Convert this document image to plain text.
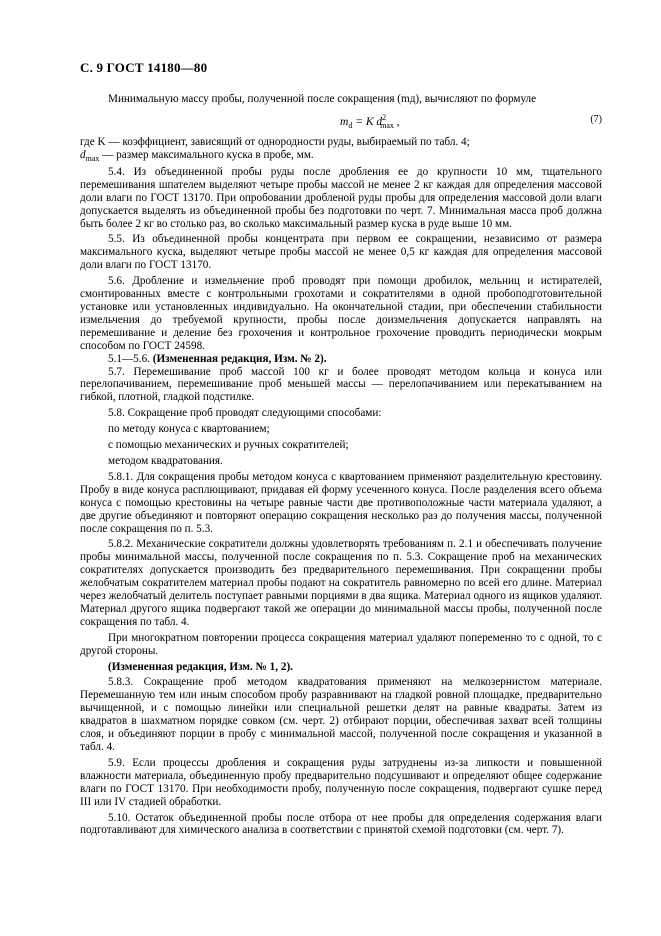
С. 9 ГОСТ 14180—80

Минимальную массу пробы, полученной после сокращения (mд), вычисляют по формуле

$m_d = K$ $d^2_{max}$ ,	(7)

где K — коэффициент, зависящий от однородности руды, выбираемый по табл. 4;

$d_{max}$ — размер максимального куска в пробе, мм.

5.4. Из объединенной пробы руды после дробления ее до крупности 10 мм, тщательного перемешивания шпателем выделяют четыре пробы массой не менее 2 кг каждая для определения массовой доли влаги по ГОСТ 13170. При опробовании дробленой руды пробы для определения массовой доли влаги допускается выделять из объединенной пробы без подготовки по черт. 7. Минимальная масса проб должна быть более 2 кг во столько раз, во сколько максимальный размер куска в руде выше 10 мм.

5.5. Из объединенной пробы концентрата при первом ее сокращении, независимо от размера максимального куска, выделяют четыре пробы массой не менее 0,5 кг каждая для определения массовой доли влаги по ГОСТ 13170.

5.6. Дробление и измельчение проб проводят при помощи дробилок, мельниц и истирателей, смонтированных вместе с контрольными грохотами и сократителями в одной пробоподготовительной установке или установленных индивидуально. На окончательной стадии, при обеспечении стабильности измельчения до требуемой крупности, пробы после доизмельчения допускается направлять на перемешивание и деление без грохочения и контрольное грохочение проводить периодически мокрым способом по ГОСТ 24598.

5.1—5.6. (Измененная редакция, Изм. № 2).

5.7. Перемешивание проб массой 100 кг и более проводят методом кольца и конуса или перелопачиванием, перемешивание проб меньшей массы — перелопачиванием или перекатыванием на гибкой, плотной, гладкой подстилке.

5.8. Сокращение проб проводят следующими способами:

по методу конуса с квартованием;

с помощью механических и ручных сократителей;

методом квадратования.

5.8.1. Для сокращения пробы методом конуса с квартованием применяют разделительную крестовину. Пробу в виде конуса расплющивают, придавая ей форму усеченного конуса. После разделения всего объема конуса с помощью крестовины на четыре равные части две противоположные части материала удаляют, а две другие объединяют и повторяют операцию сокращения несколько раз до получения массы, полученной после сокращения по п. 5.3.

5.8.2. Механические сократители должны удовлетворять требованиям п. 2.1 и обеспечивать получение пробы минимальной массы, полученной после сокращения по п. 5.3. Сокращение проб на механических сократителях допускается производить без предварительного перемешивания. При сокращении пробы желобчатым сократителем материал пробы подают на сократитель равномерно по всей его длине. Материал через желобчатый делитель поступает равными порциями в два ящика. Материал одного из ящиков удаляют. Материал другого ящика подвергают такой же операции до минимальной массы пробы, полученной после сокращения по табл. 4.

При многократном повторении процесса сокращения материал удаляют попеременно то с одной, то с другой стороны.

(Измененная редакция, Изм. № 1, 2).

5.8.3. Сокращение проб методом квадратования применяют на мелкозернистом материале. Перемешанную тем или иным способом пробу разравнивают на гладкой ровной площадке, предварительно вычищенной, и с помощью линейки или специальной решетки делят на равные квадраты. Затем из квадратов в шахматном порядке совком (см. черт. 2) отбирают порции, обеспечивая захват всей толщины слоя, и объединяют порции в пробу с минимальной массой, полученной после сокращения и указанной в табл. 4.

5.9. Если процессы дробления и сокращения руды затруднены из-за липкости и повышенной влажности материала, объединенную пробу предварительно подсушивают и определяют общее содержание влаги по ГОСТ 13170. При необходимости пробу, полученную после сокращения, подвергают сушке перед III или IV стадией обработки.

5.10. Остаток объединенной пробы после отбора от нее пробы для определения содержания влаги подготавливают для химического анализа в соответствии с принятой схемой подготовки (см. черт. 7).
